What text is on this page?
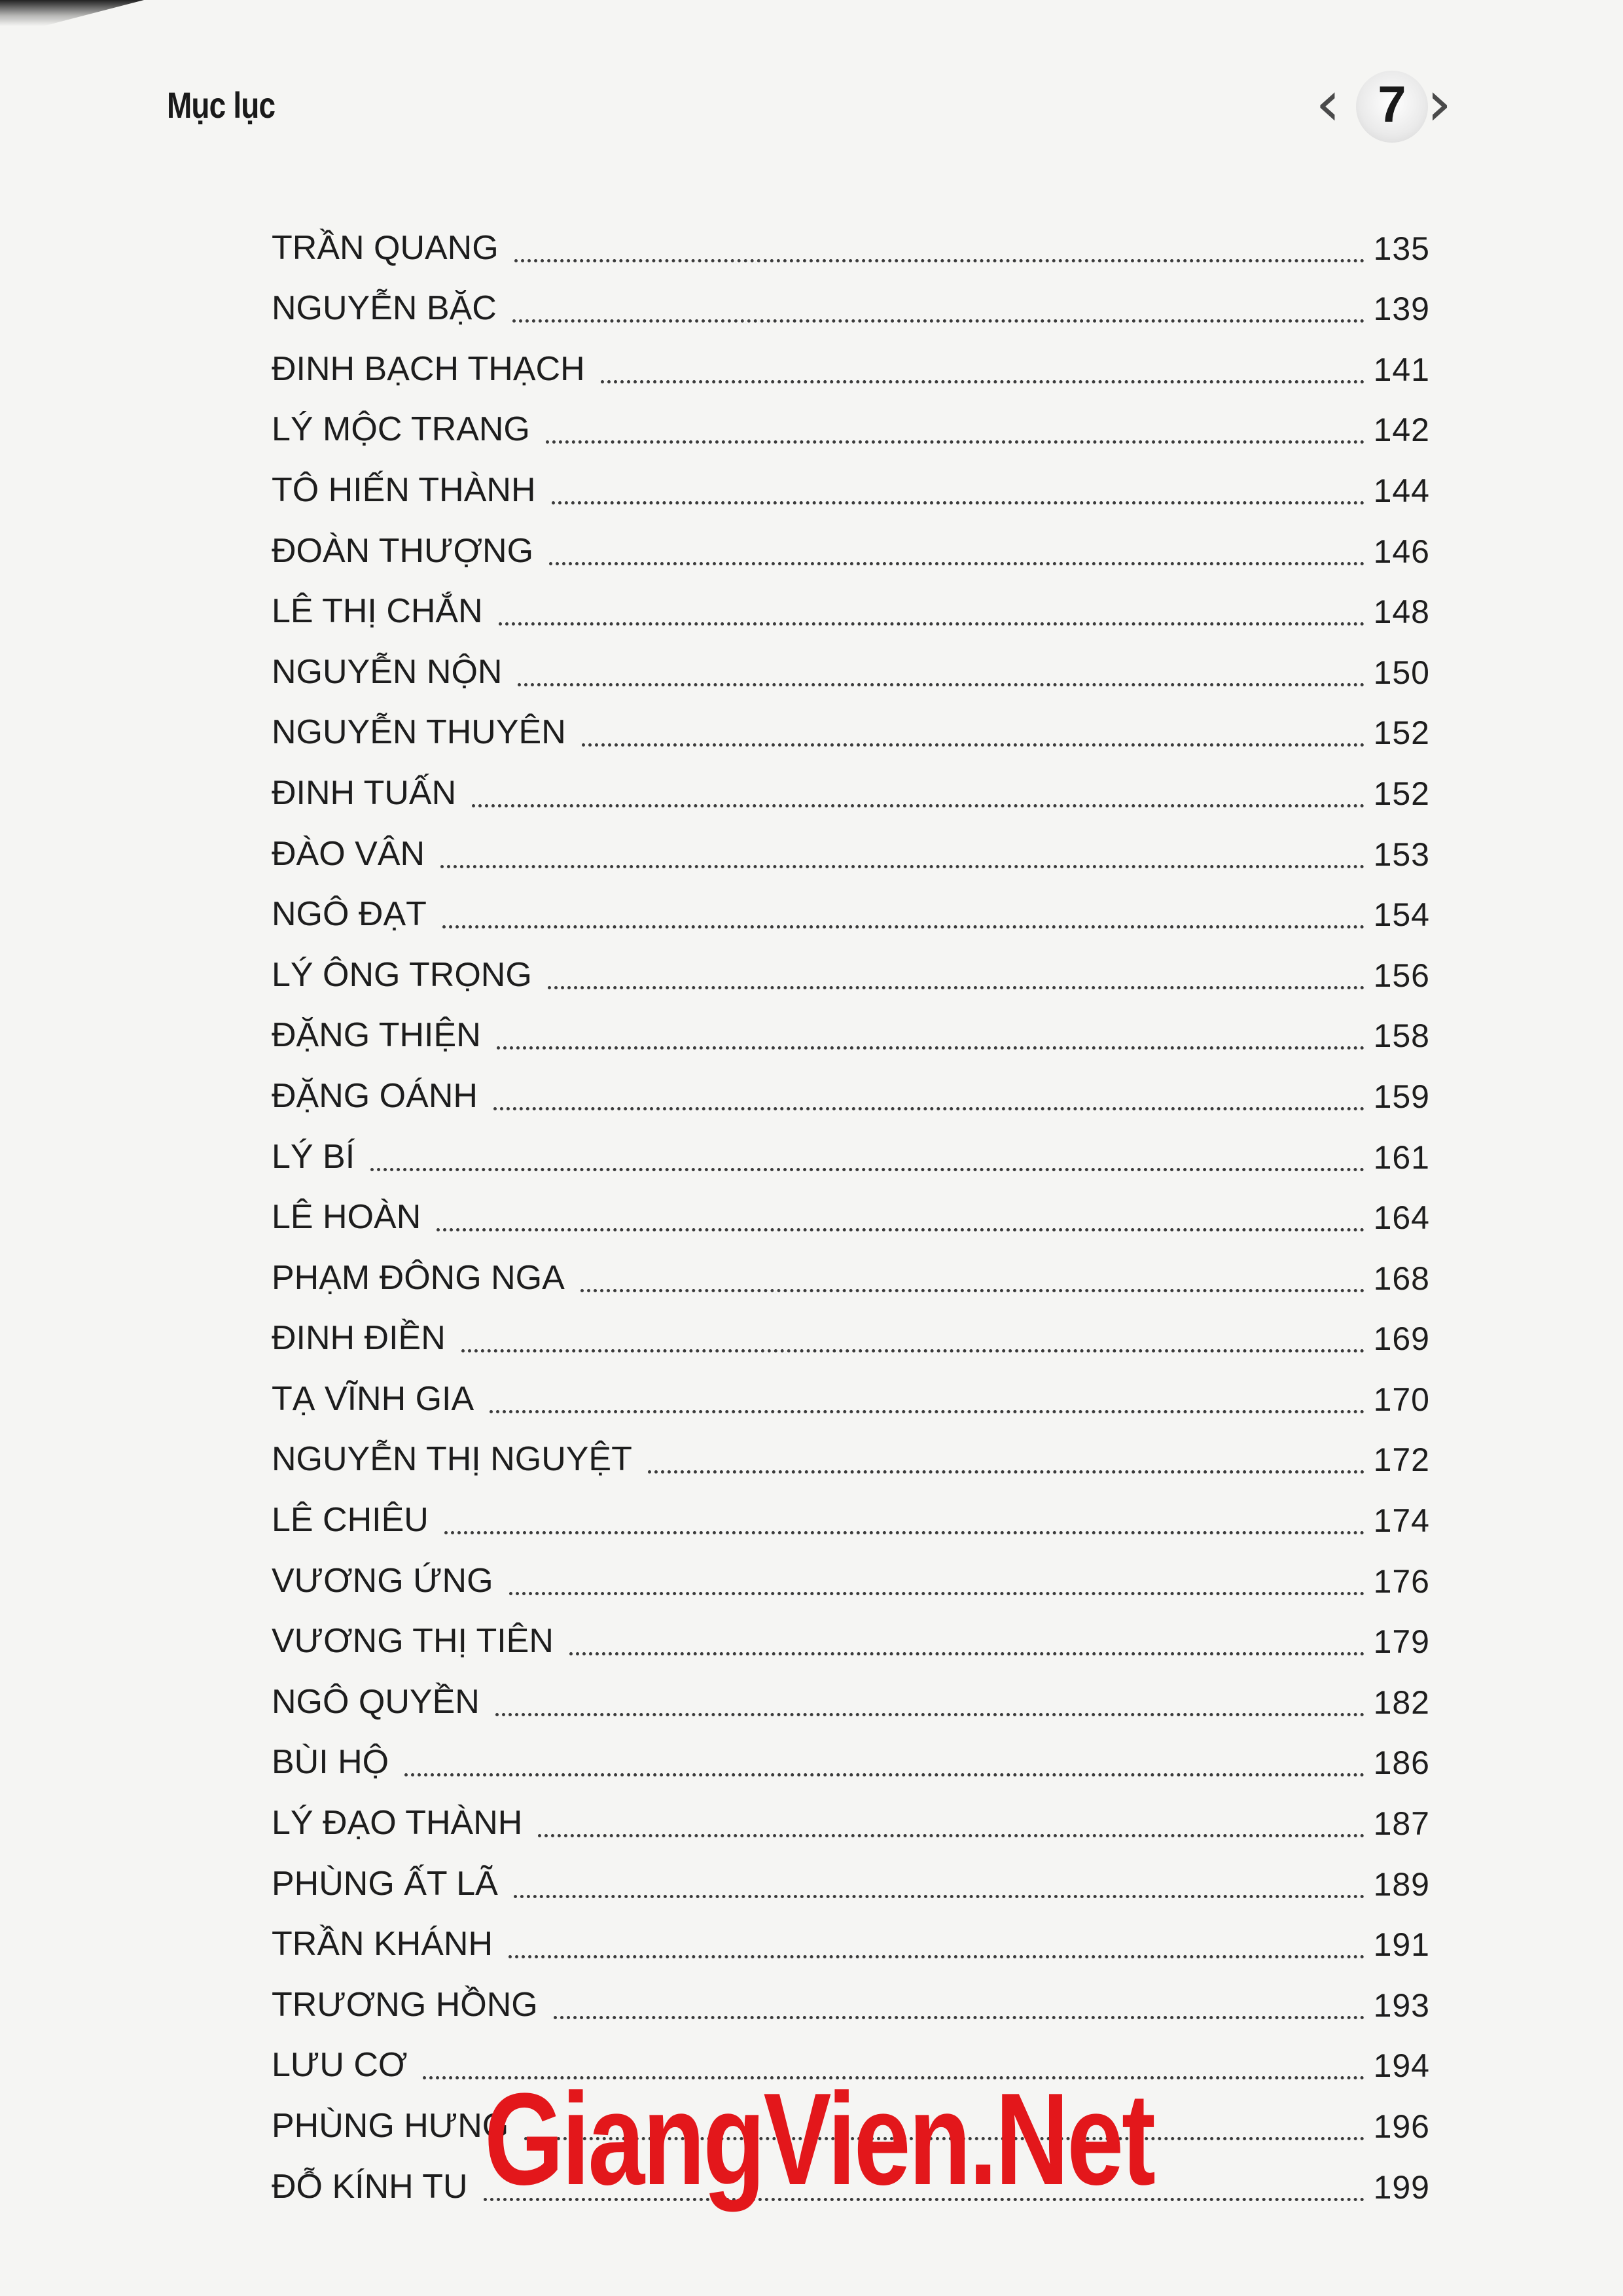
Mục lục	‹ 7 ›
TRẦN QUANG	135
NGUYỄN BẶC	139
ĐINH BẠCH THẠCH	141
LÝ MỘC TRANG	142
TÔ HIẾN THÀNH	144
ĐOÀN THƯỢNG	146
LÊ THỊ CHẮN	148
NGUYỄN NỘN	150
NGUYỄN THUYÊN	152
ĐINH TUẤN	152
ĐÀO VÂN	153
NGÔ ĐẠT	154
LÝ ÔNG TRỌNG	156
ĐẶNG THIỆN	158
ĐẶNG OÁNH	159
LÝ BÍ	161
LÊ HOÀN	164
PHẠM ĐÔNG NGA	168
ĐINH ĐIỀN	169
TẠ VĨNH GIA	170
NGUYỄN THỊ NGUYỆT	172
LÊ CHIÊU	174
VƯƠNG ỨNG	176
VƯƠNG THỊ TIÊN	179
NGÔ QUYỀN	182
BÙI HỘ	186
LÝ ĐẠO THÀNH	187
PHÙNG ẤT LÃ	189
TRẦN KHÁNH	191
TRƯƠNG HỒNG	193
LƯU CƠ	194
PHÙNG HƯNG	196
ĐỖ KÍNH TU	199
GiangVien.Net
